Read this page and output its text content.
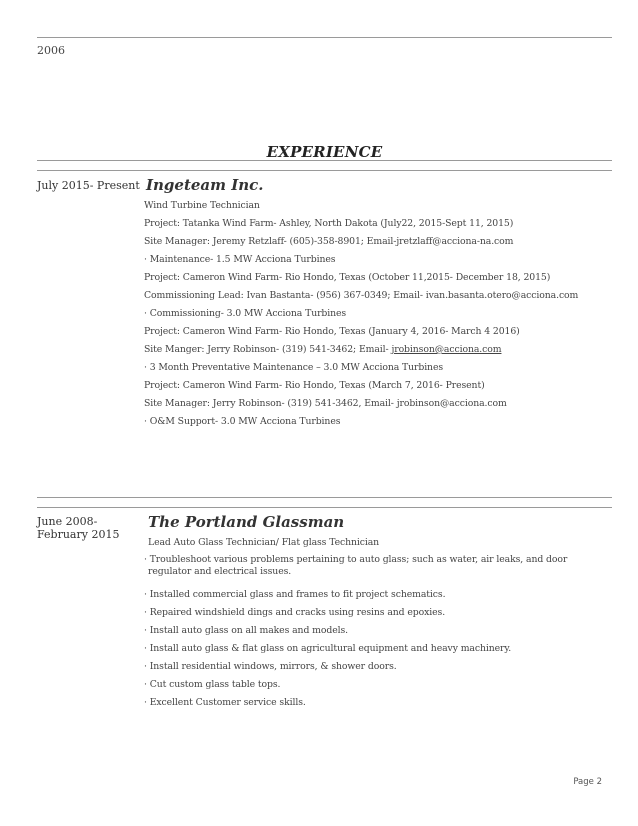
2006
EXPERIENCE
July 2015- Present Ingeteam Inc.
Wind Turbine Technician
Project: Tatanka Wind Farm- Ashley, North Dakota (July22, 2015-Sept 11, 2015)
Site Manager: Jeremy Retzlaff- (605)-358-8901; Email-jretzlaff@acciona-na.com
· Maintenance- 1.5 MW Acciona Turbines
Project: Cameron Wind Farm- Rio Hondo, Texas (October 11,2015- December 18, 2015)
Commissioning Lead: Ivan Bastanta- (956) 367-0349; Email- ivan.basanta.otero@acciona.com
· Commissioning- 3.0 MW Acciona Turbines
Project: Cameron Wind Farm- Rio Hondo, Texas (January 4, 2016- March 4 2016)
Site Manger: Jerry Robinson- (319) 541-3462; Email- jrobinson@acciona.com
· 3 Month Preventative Maintenance – 3.0 MW Acciona Turbines
Project: Cameron Wind Farm- Rio Hondo, Texas (March 7, 2016- Present)
Site Manager: Jerry Robinson- (319) 541-3462, Email- jrobinson@acciona.com
· O&M Support- 3.0 MW Acciona Turbines
June 2008-
February 2015
The Portland Glassman
Lead Auto Glass Technician/ Flat glass Technician
· Troubleshoot various problems pertaining to auto glass; such as water, air leaks, and door
regulator and electrical issues.
· Installed commercial glass and frames to fit project schematics.
· Repaired windshield dings and cracks using resins and epoxies.
· Install auto glass on all makes and models.
· Install auto glass & flat glass on agricultural equipment and heavy machinery.
· Install residential windows, mirrors, & shower doors.
· Cut custom glass table tops.
· Excellent Customer service skills.
Page 2
